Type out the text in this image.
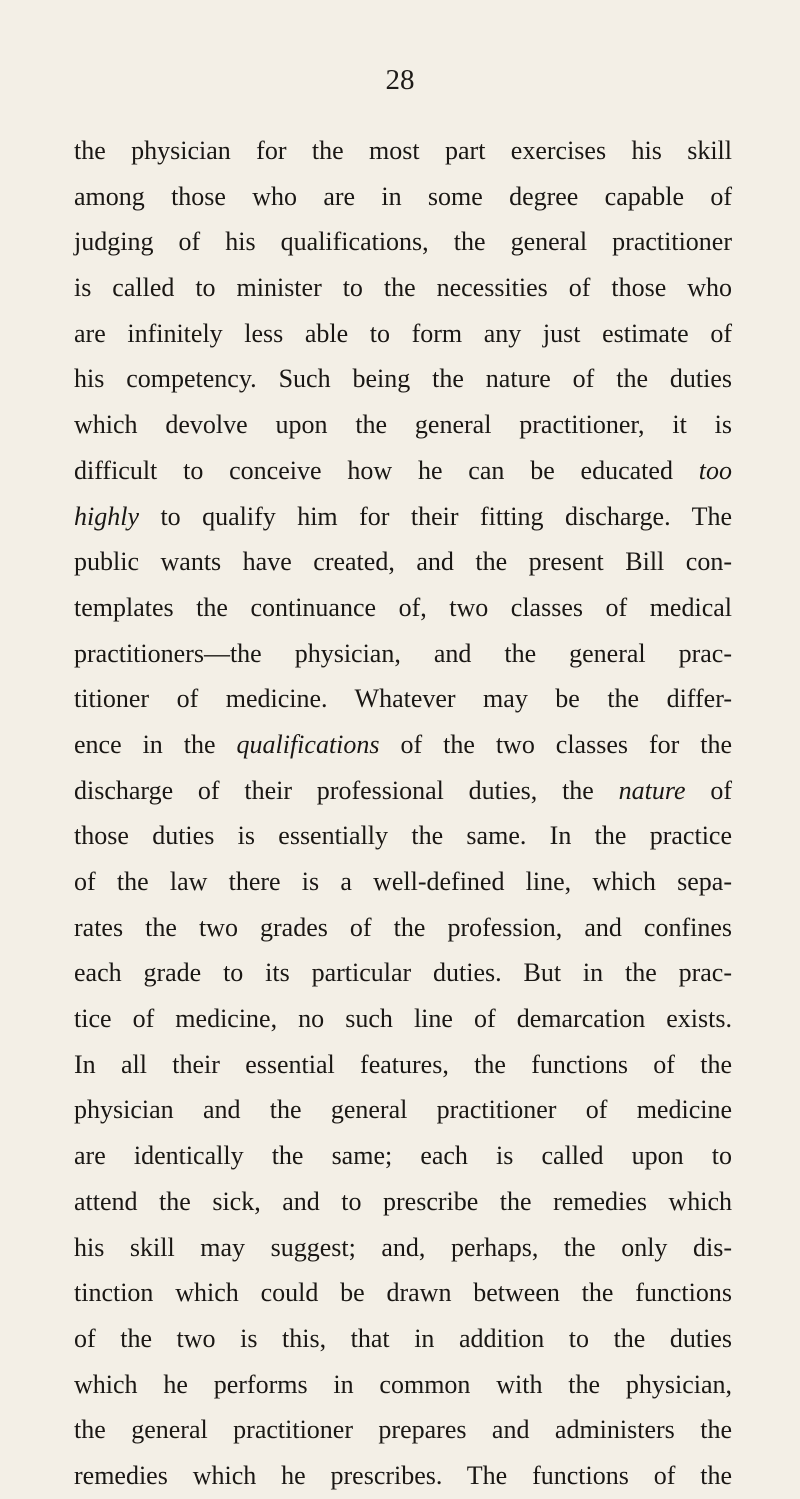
28
the physician for the most part exercises his skill
among those who are in some degree capable of
judging of his qualifications, the general practitioner
is called to minister to the necessities of those who
are infinitely less able to form any just estimate of
his competency. Such being the nature of the duties
which devolve upon the general practitioner, it is
difficult to conceive how he can be educated too
highly to qualify him for their fitting discharge. The
public wants have created, and the present Bill con-
templates the continuance of, two classes of medical
practitioners—the physician, and the general prac-
titioner of medicine. Whatever may be the differ-
ence in the qualifications of the two classes for the
discharge of their professional duties, the nature of
those duties is essentially the same. In the practice
of the law there is a well-defined line, which sepa-
rates the two grades of the profession, and confines
each grade to its particular duties. But in the prac-
tice of medicine, no such line of demarcation exists.
In all their essential features, the functions of the
physician and the general practitioner of medicine
are identically the same; each is called upon to
attend the sick, and to prescribe the remedies which
his skill may suggest; and, perhaps, the only dis-
tinction which could be drawn between the functions
of the two is this, that in addition to the duties
which he performs in common with the physician,
the general practitioner prepares and administers the
remedies which he prescribes. The functions of the
